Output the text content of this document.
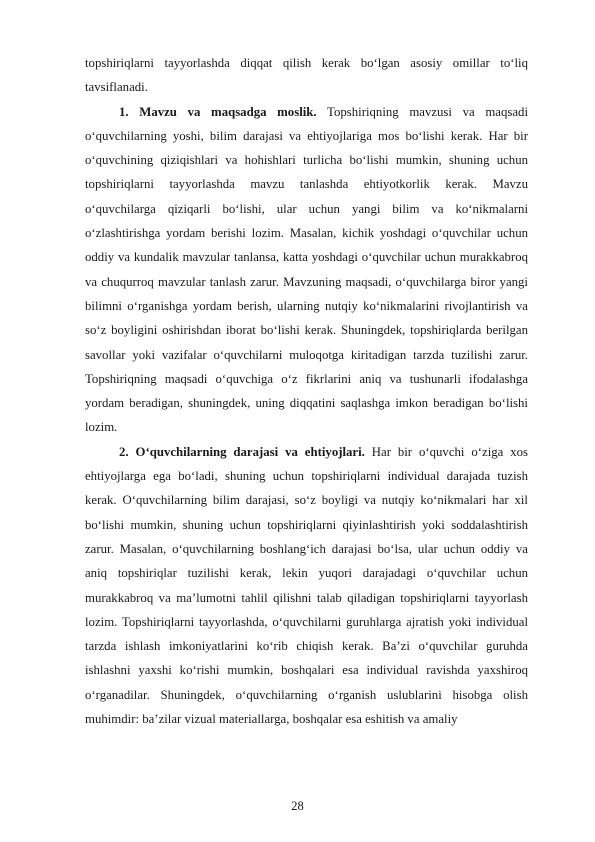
topshiriqlarni tayyorlashda diqqat qilish kerak bo‘lgan asosiy omillar to‘liq tavsiflanadi.

1. Mavzu va maqsadga moslik. Topshiriqning mavzusi va maqsadi o‘quvchilarning yoshi, bilim darajasi va ehtiyojlariga mos bo‘lishi kerak. Har bir o‘quvchining qiziqishlari va hohishlari turlicha bo‘lishi mumkin, shuning uchun topshiriqlarni tayyorlashda mavzu tanlashda ehtiyotkorlik kerak. Mavzu o‘quvchilarga qiziqarli bo‘lishi, ular uchun yangi bilim va ko‘nikmalarni o‘zlashtirishga yordam berishi lozim. Masalan, kichik yoshdagi o‘quvchilar uchun oddiy va kundalik mavzular tanlansa, katta yoshdagi o‘quvchilar uchun murakkabroq va chuqurroq mavzular tanlash zarur. Mavzuning maqsadi, o‘quvchilarga biror yangi bilimni o‘rganishga yordam berish, ularning nutqiy ko‘nikmalarini rivojlantirish va so‘z boyligini oshirishdan iborat bo‘lishi kerak. Shuningdek, topshiriqlarda berilgan savollar yoki vazifalar o‘quvchilarni muloqotga kiritadigan tarzda tuzilishi zarur. Topshiriqning maqsadi o‘quvchiga o‘z fikrlarini aniq va tushunarli ifodalashga yordam beradigan, shuningdek, uning diqqatini saqlashga imkon beradigan bo‘lishi lozim.

2. O‘quvchilarning darajasi va ehtiyojlari. Har bir o‘quvchi o‘ziga xos ehtiyojlarga ega bo‘ladi, shuning uchun topshiriqlarni individual darajada tuzish kerak. O‘quvchilarning bilim darajasi, so‘z boyligi va nutqiy ko‘nikmalari har xil bo‘lishi mumkin, shuning uchun topshiriqlarni qiyinlashtirish yoki soddalashtirish zarur. Masalan, o‘quvchilarning boshlang‘ich darajasi bo‘lsa, ular uchun oddiy va aniq topshiriqlar tuzilishi kerak, lekin yuqori darajadagi o‘quvchilar uchun murakkabroq va ma’lumotni tahlil qilishni talab qiladigan topshiriqlarni tayyorlash lozim. Topshiriqlarni tayyorlashda, o‘quvchilarni guruhlarga ajratish yoki individual tarzda ishlash imkoniyatlarini ko‘rib chiqish kerak. Ba’zi o‘quvchilar guruhda ishlashni yaxshi ko‘rishi mumkin, boshqalari esa individual ravishda yaxshiroq o‘rganadilar. Shuningdek, o‘quvchilarning o‘rganish uslublarini hisobga olish muhimdir: ba’zilar vizual materiallarga, boshqalar esa eshitish va amaliy

28
